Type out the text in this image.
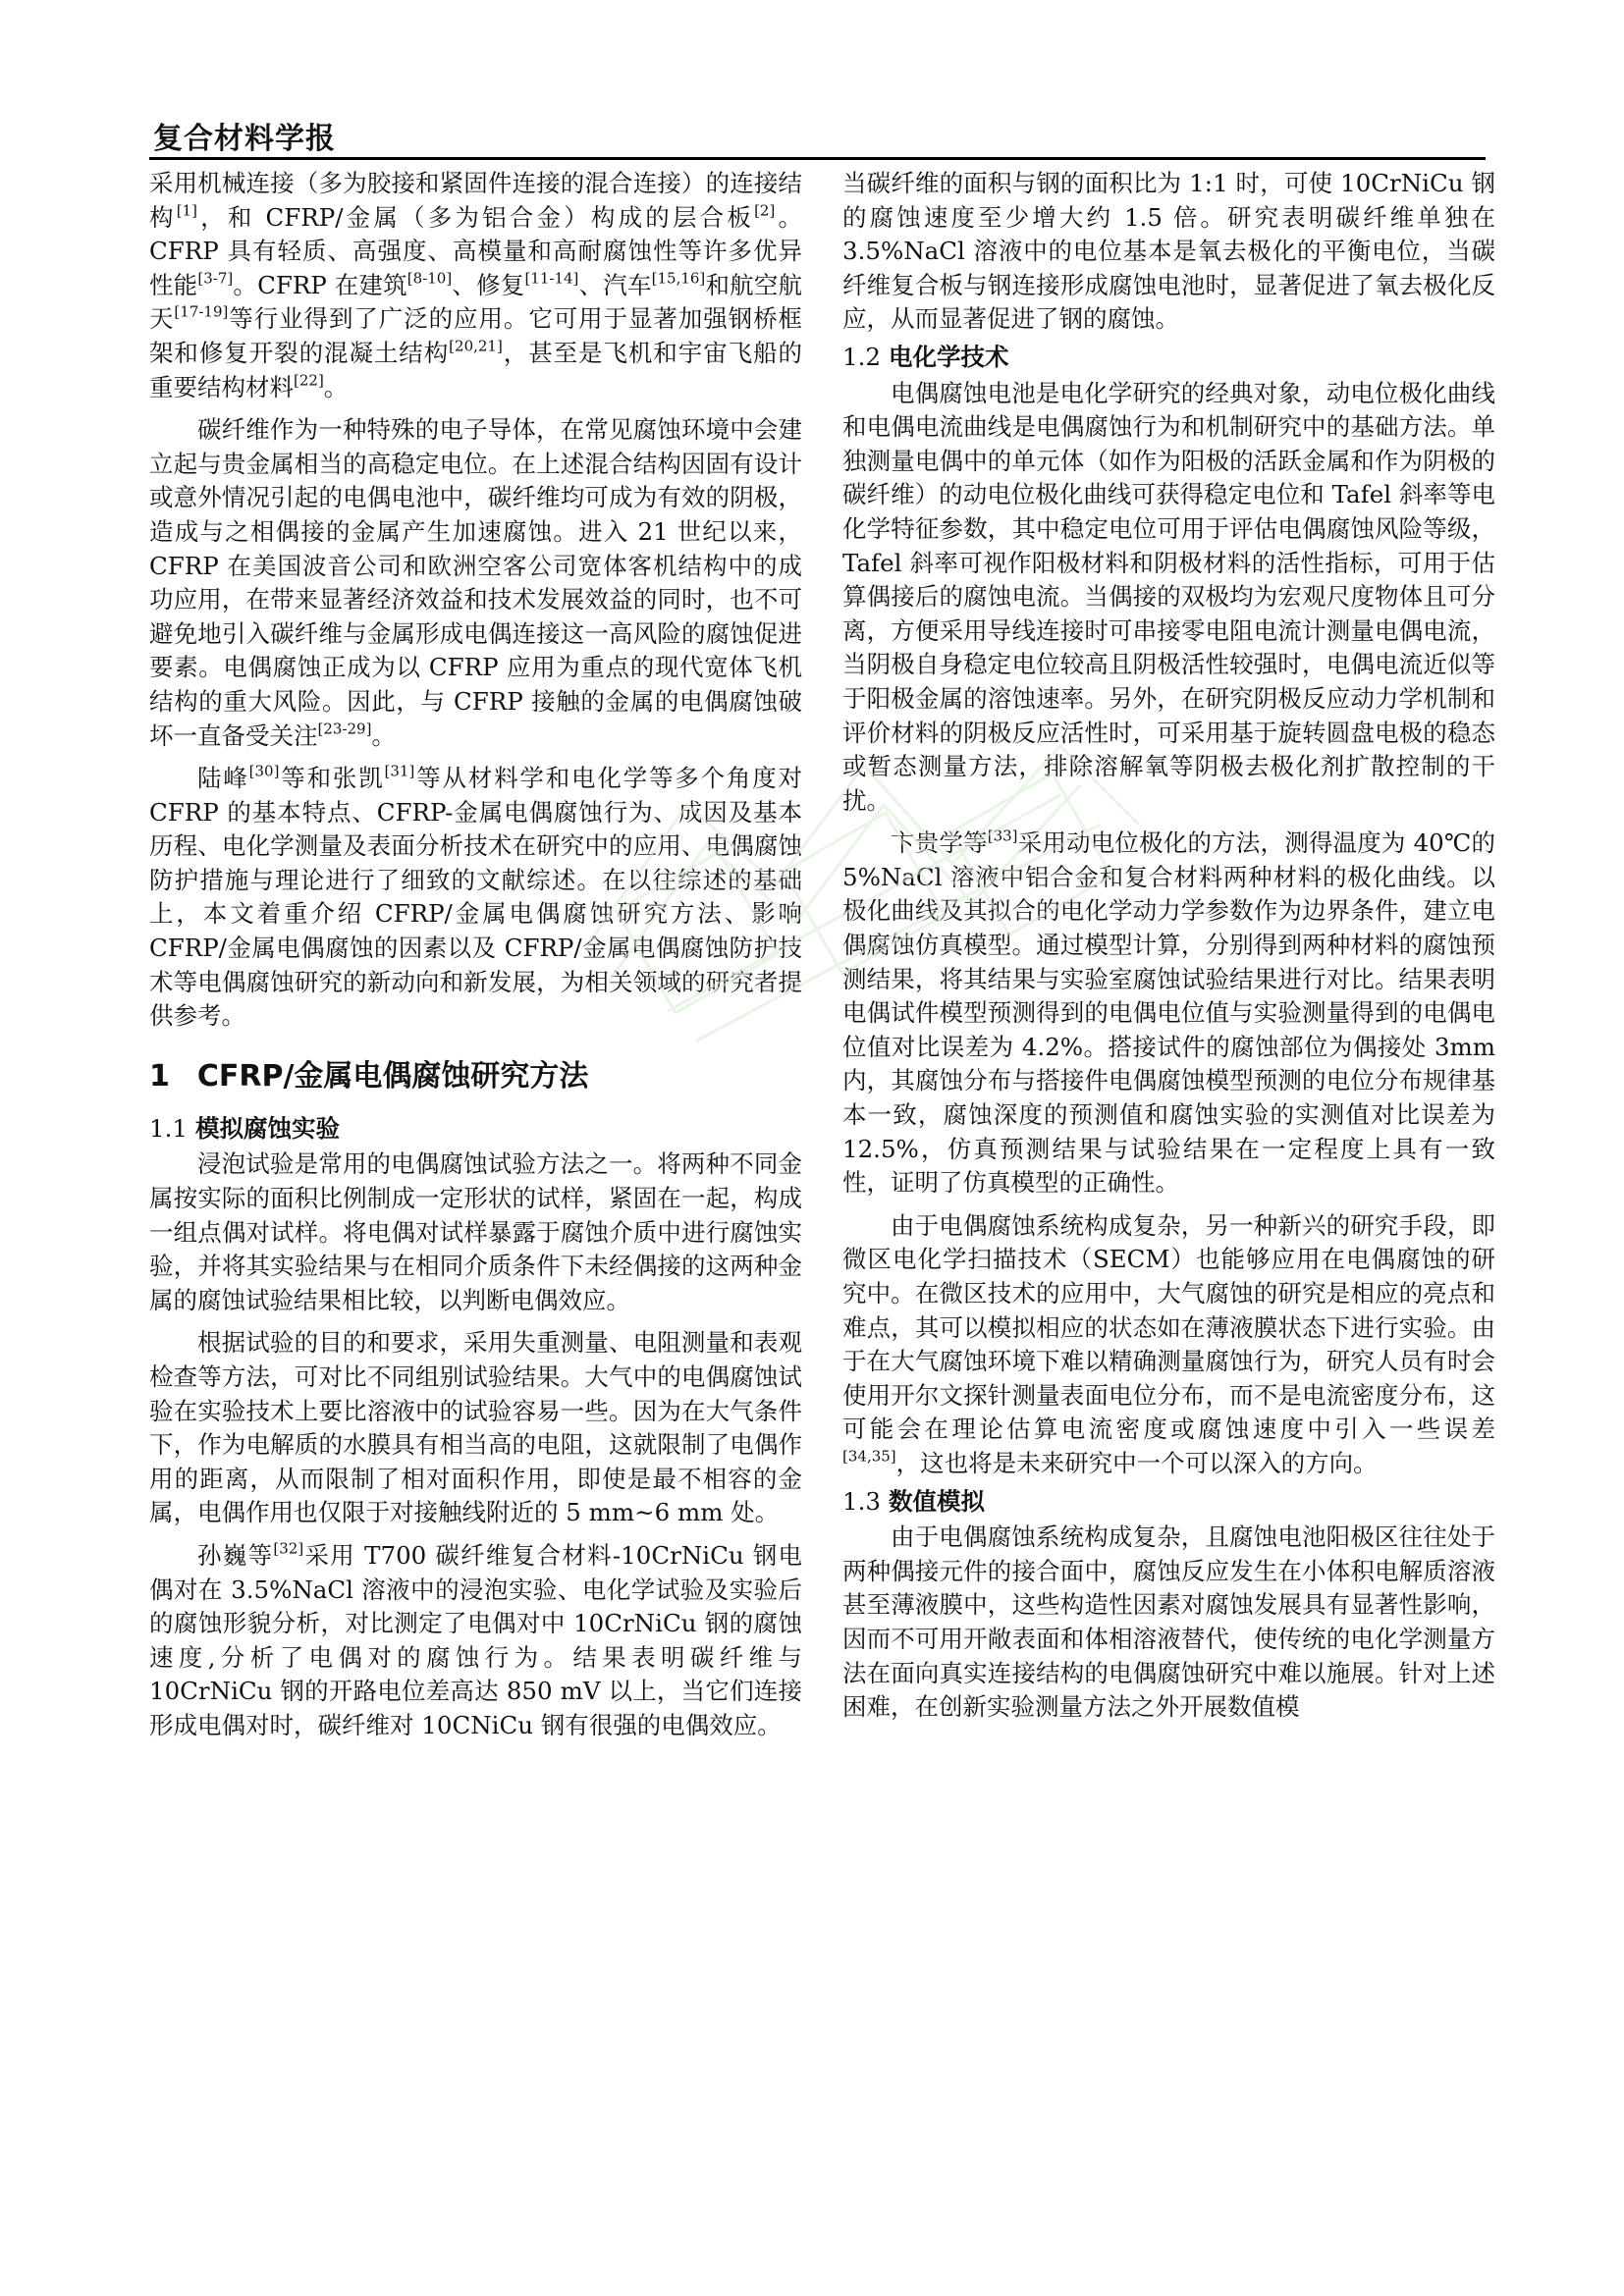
复合材料学报

采用机械连接（多为胶接和紧固件连接的混合连接）的连接结构[1]，和 CFRP/金属（多为铝合金）构成的层合板[2]。CFRP 具有轻质、高强度、高模量和高耐腐蚀性等许多优异性能[3-7]。CFRP 在建筑[8-10]、修复[11-14]、汽车[15,16]和航空航天[17-19]等行业得到了广泛的应用。它可用于显著加强钢桥框架和修复开裂的混凝土结构[20,21]，甚至是飞机和宇宙飞船的重要结构材料[22]。

碳纤维作为一种特殊的电子导体，在常见腐蚀环境中会建立起与贵金属相当的高稳定电位。在上述混合结构因固有设计或意外情况引起的电偶电池中，碳纤维均可成为有效的阴极，造成与之相偶接的金属产生加速腐蚀。进入 21 世纪以来，CFRP 在美国波音公司和欧洲空客公司宽体客机结构中的成功应用，在带来显著经济效益和技术发展效益的同时，也不可避免地引入碳纤维与金属形成电偶连接这一高风险的腐蚀促进要素。电偶腐蚀正成为以 CFRP 应用为重点的现代宽体飞机结构的重大风险。因此，与 CFRP 接触的金属的电偶腐蚀破坏一直备受关注[23-29]。

陆峰[30]等和张凯[31]等从材料学和电化学等多个角度对 CFRP 的基本特点、CFRP-金属电偶腐蚀行为、成因及基本历程、电化学测量及表面分析技术在研究中的应用、电偶腐蚀防护措施与理论进行了细致的文献综述。在以往综述的基础上，本文着重介绍 CFRP/金属电偶腐蚀研究方法、影响 CFRP/金属电偶腐蚀的因素以及 CFRP/金属电偶腐蚀防护技术等电偶腐蚀研究的新动向和新发展，为相关领域的研究者提供参考。

1 CFRP/金属电偶腐蚀研究方法
1.1 模拟腐蚀实验

浸泡试验是常用的电偶腐蚀试验方法之一。将两种不同金属按实际的面积比例制成一定形状的试样，紧固在一起，构成一组点偶对试样。将电偶对试样暴露于腐蚀介质中进行腐蚀实验，并将其实验结果与在相同介质条件下未经偶接的这两种金属的腐蚀试验结果相比较，以判断电偶效应。

根据试验的目的和要求，采用失重测量、电阻测量和表观检查等方法，可对比不同组别试验结果。大气中的电偶腐蚀试验在实验技术上要比溶液中的试验容易一些。因为在大气条件下，作为电解质的水膜具有相当高的电阻，这就限制了电偶作用的距离，从而限制了相对面积作用，即使是最不相容的金属，电偶作用也仅限于对接触线附近的 5 mm~6 mm 处。

孙巍等[32]采用 T700 碳纤维复合材料-10CrNiCu 钢电偶对在 3.5%NaCl 溶液中的浸泡实验、电化学试验及实验后的腐蚀形貌分析，对比测定了电偶对中 10CrNiCu 钢的腐蚀速度,分析了电偶对的腐蚀行为。结果表明碳纤维与 10CrNiCu 钢的开路电位差高达 850 mV 以上，当它们连接形成电偶对时，碳纤维对 10CNiCu 钢有很强的电偶效应。

当碳纤维的面积与钢的面积比为 1:1 时，可使 10CrNiCu 钢的腐蚀速度至少增大约 1.5 倍。研究表明碳纤维单独在 3.5%NaCl 溶液中的电位基本是氧去极化的平衡电位，当碳纤维复合板与钢连接形成腐蚀电池时，显著促进了氧去极化反应，从而显著促进了钢的腐蚀。

1.2 电化学技术

电偶腐蚀电池是电化学研究的经典对象，动电位极化曲线和电偶电流曲线是电偶腐蚀行为和机制研究中的基础方法。单独测量电偶中的单元体（如作为阳极的活跃金属和作为阴极的碳纤维）的动电位极化曲线可获得稳定电位和 Tafel 斜率等电化学特征参数，其中稳定电位可用于评估电偶腐蚀风险等级，Tafel 斜率可视作阳极材料和阴极材料的活性指标，可用于估算偶接后的腐蚀电流。当偶接的双极均为宏观尺度物体且可分离，方便采用导线连接时可串接零电阻电流计测量电偶电流，当阴极自身稳定电位较高且阴极活性较强时，电偶电流近似等于阳极金属的溶蚀速率。另外，在研究阴极反应动力学机制和评价材料的阴极反应活性时，可采用基于旋转圆盘电极的稳态或暂态测量方法，排除溶解氧等阴极去极化剂扩散控制的干扰。

卞贵学等[33]采用动电位极化的方法，测得温度为 40℃的 5%NaCl 溶液中铝合金和复合材料两种材料的极化曲线。以极化曲线及其拟合的电化学动力学参数作为边界条件，建立电偶腐蚀仿真模型。通过模型计算，分别得到两种材料的腐蚀预测结果，将其结果与实验室腐蚀试验结果进行对比。结果表明电偶试件模型预测得到的电偶电位值与实验测量得到的电偶电位值对比误差为 4.2%。搭接试件的腐蚀部位为偶接处 3mm 内，其腐蚀分布与搭接件电偶腐蚀模型预测的电位分布规律基本一致，腐蚀深度的预测值和腐蚀实验的实测值对比误差为 12.5%，仿真预测结果与试验结果在一定程度上具有一致性，证明了仿真模型的正确性。

由于电偶腐蚀系统构成复杂，另一种新兴的研究手段，即微区电化学扫描技术（SECM）也能够应用在电偶腐蚀的研究中。在微区技术的应用中，大气腐蚀的研究是相应的亮点和难点，其可以模拟相应的状态如在薄液膜状态下进行实验。由于在大气腐蚀环境下难以精确测量腐蚀行为，研究人员有时会使用开尔文探针测量表面电位分布，而不是电流密度分布，这可能会在理论估算电流密度或腐蚀速度中引入一些误差[34,35]，这也将是未来研究中一个可以深入的方向。

1.3 数值模拟

由于电偶腐蚀系统构成复杂，且腐蚀电池阳极区往往处于两种偶接元件的接合面中，腐蚀反应发生在小体积电解质溶液甚至薄液膜中，这些构造性因素对腐蚀发展具有显著性影响，因而不可用开敞表面和体相溶液替代，使传统的电化学测量方法在面向真实连接结构的电偶腐蚀研究中难以施展。针对上述困难，在创新实验测量方法之外开展数值模
